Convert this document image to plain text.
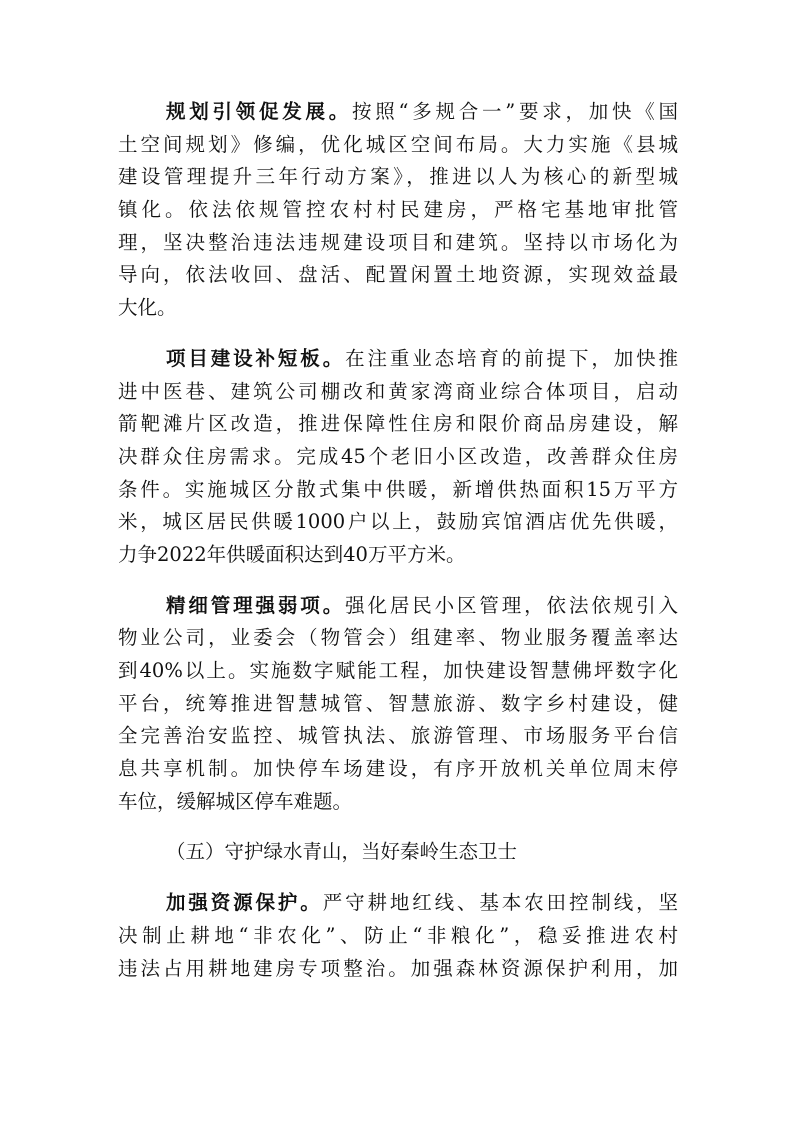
规划引领促发展。按照“多规合一”要求，加快《国
土空间规划》修编，优化城区空间布局。大力实施《县城
建设管理提升三年行动方案》，推进以人为核心的新型城
镇化。依法依规管控农村村民建房，严格宅基地审批管
理，坚决整治违法违规建设项目和建筑。坚持以市场化为
导向，依法收回、盘活、配置闲置土地资源，实现效益最
大化。
项目建设补短板。在注重业态培育的前提下，加快推
进中医巷、建筑公司棚改和黄家湾商业综合体项目，启动
箭靶滩片区改造，推进保障性住房和限价商品房建设，解
决群众住房需求。完成45个老旧小区改造，改善群众住房
条件。实施城区分散式集中供暖，新增供热面积15万平方
米，城区居民供暖1000户以上，鼓励宾馆酒店优先供暖，
力争2022年供暖面积达到40万平方米。
精细管理强弱项。强化居民小区管理，依法依规引入
物业公司，业委会（物管会）组建率、物业服务覆盖率达
到40%以上。实施数字赋能工程，加快建设智慧佛坪数字化
平台，统筹推进智慧城管、智慧旅游、数字乡村建设，健
全完善治安监控、城管执法、旅游管理、市场服务平台信
息共享机制。加快停车场建设，有序开放机关单位周末停
车位，缓解城区停车难题。
（五）守护绿水青山，当好秦岭生态卫士
加强资源保护。严守耕地红线、基本农田控制线，坚
决制止耕地“非农化”、防止“非粮化”，稳妥推进农村
违法占用耕地建房专项整治。加强森林资源保护利用，加
